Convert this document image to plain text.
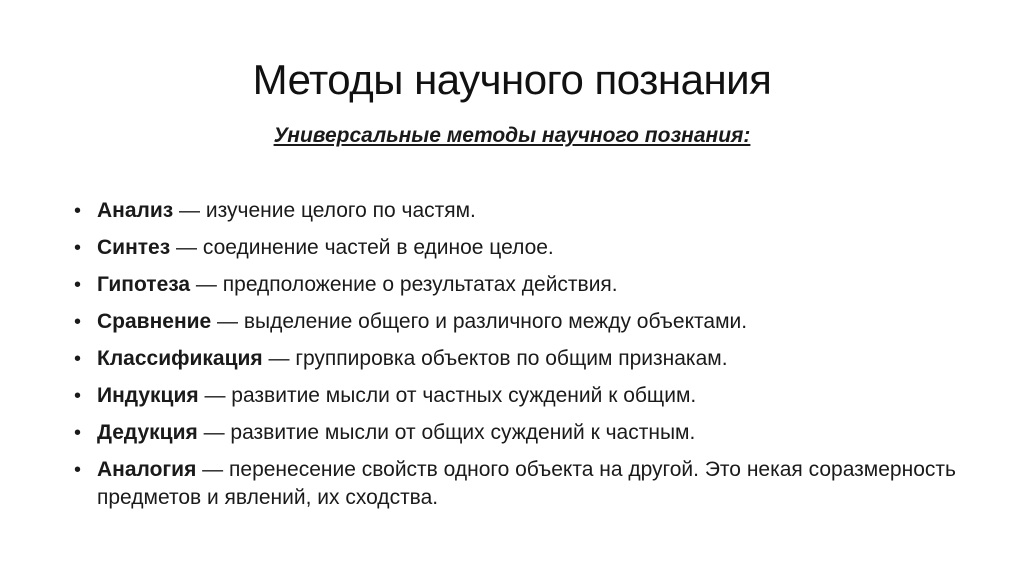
Методы научного познания
Универсальные методы научного познания:
• Анализ — изучение целого по частям.
• Синтез — соединение частей в единое целое.
• Гипотеза — предположение о результатах действия.
• Сравнение — выделение общего и различного между объектами.
• Классификация — группировка объектов по общим признакам.
• Индукция — развитие мысли от частных суждений к общим.
• Дедукция — развитие мысли от общих суждений к частным.
• Аналогия — перенесение свойств одного объекта на другой. Это некая соразмерность предметов и явлений, их сходства.
